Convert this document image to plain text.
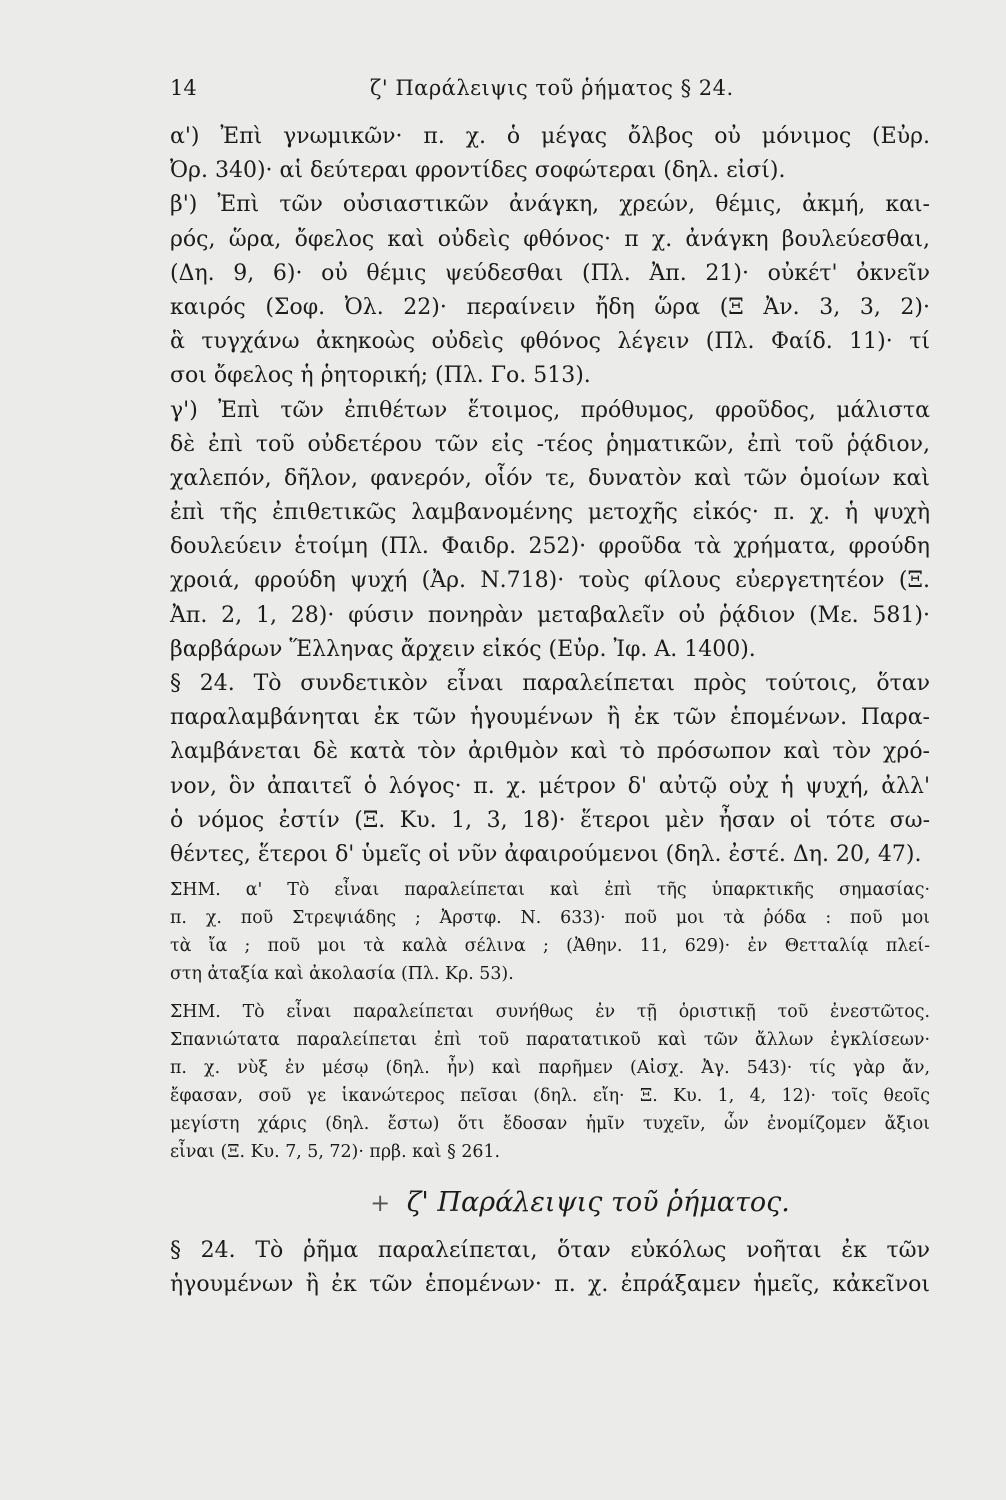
14	ζ' Παράλειψις τοῦ ῥήματος § 24.
α') Ἐπὶ γνωμικῶν· π. χ. ὁ μέγας ὄλβος οὐ μόνιμος (Εὐρ.
Ὀρ. 340)· αἱ δεύτεραι φροντίδες σοφώτεραι (δηλ. εἰσί).
β') Ἐπὶ τῶν οὐσιαστικῶν ἀνάγκη, χρεών, θέμις, ἀκμή, και-
ρός, ὥρα, ὄφελος καὶ οὐδεὶς φθόνος· π χ. ἀνάγκη βουλεύεσθαι,
(Δη. 9, 6)· οὐ θέμις ψεύδεσθαι (Πλ. Ἀπ. 21)· οὐκέτ' ὀκνεῖν
καιρός (Σοφ. Ὀλ. 22)· περαίνειν ἤδη ὥρα (Ξ Ἀν. 3, 3, 2)·
ἃ τυγχάνω ἀκηκοὼς οὐδεὶς φθόνος λέγειν (Πλ. Φαίδ. 11)· τί
σοι ὄφελος ἡ ῥητορική; (Πλ. Γο. 513).
γ') Ἐπὶ τῶν ἐπιθέτων ἕτοιμος, πρόθυμος, φροῦδος, μάλιστα
δὲ ἐπὶ τοῦ οὐδετέρου τῶν εἰς -τέος ῥηματικῶν, ἐπὶ τοῦ ῥᾴδιον,
χαλεπόν, δῆλον, φανερόν, οἷόν τε, δυνατὸν καὶ τῶν ὁμοίων καὶ
ἐπὶ τῆς ἐπιθετικῶς λαμβανομένης μετοχῆς εἰκός· π. χ. ἡ ψυχὴ
δουλεύειν ἑτοίμη (Πλ. Φαιδρ. 252)· φροῦδα τὰ χρήματα, φρούδη
χροιά, φρούδη ψυχή (Ἀρ. Ν.718)· τοὺς φίλους εὐεργετητέον (Ξ.
Ἀπ. 2, 1, 28)· φύσιν πονηρὰν μεταβαλεῖν οὐ ῥᾴδιον (Με. 581)·
βαρβάρων Ἕλληνας ἄρχειν εἰκός (Εὐρ. Ἰφ. Α. 1400).
§ 24. Τὸ συνδετικὸν εἶναι παραλείπεται πρὸς τούτοις, ὅταν
παραλαμβάνηται ἐκ τῶν ἡγουμένων ἢ ἐκ τῶν ἑπομένων. Παρα-
λαμβάνεται δὲ κατὰ τὸν ἀριθμὸν καὶ τὸ πρόσωπον καὶ τὸν χρό-
νον, ὃν ἀπαιτεῖ ὁ λόγος· π. χ. μέτρον δ' αὐτῷ οὐχ ἡ ψυχή, ἀλλ'
ὁ νόμος ἐστίν (Ξ. Κυ. 1, 3, 18)· ἕτεροι μὲν ἦσαν οἱ τότε σω-
θέντες, ἕτεροι δ' ὑμεῖς οἱ νῦν ἀφαιρούμενοι (δηλ. ἐστέ. Δη. 20, 47).
ΣΗΜ. α' Τὸ εἶναι παραλείπεται καὶ ἐπὶ τῆς ὑπαρκτικῆς σημασίας·
π. χ. ποῦ Στρεψιάδης ; Ἀρστφ. Ν. 633)· ποῦ μοι τὰ ῥόδα : ποῦ μοι
τὰ ἴα ; ποῦ μοι τὰ καλὰ σέλινα ; (Ἀθην. 11, 629)· ἐν Θετταλίᾳ πλεί-
στη ἀταξία καὶ ἀκολασία (Πλ. Κρ. 53).
ΣΗΜ. Τὸ εἶναι παραλείπεται συνήθως ἐν τῇ ὁριστικῇ τοῦ ἐνεστῶτος.
Σπανιώτατα παραλείπεται ἐπὶ τοῦ παρατατικοῦ καὶ τῶν ἄλλων ἐγκλίσεων·
π. χ. νὺξ ἐν μέσῳ (δηλ. ἦν) καὶ παρῆμεν (Αἰσχ. Ἀγ. 543)· τίς γὰρ ἄν,
ἔφασαν, σοῦ γε ἱκανώτερος πεῖσαι (δηλ. εἴη· Ξ. Κυ. 1, 4, 12)· τοῖς θεοῖς
μεγίστη χάρις (δηλ. ἔστω) ὅτι ἔδοσαν ἡμῖν τυχεῖν, ὧν ἐνομίζομεν ἄξιοι
εἶναι (Ξ. Κυ. 7, 5, 72)· πρβ. καὶ § 261.
+ ζ' Παράλειψις τοῦ ῥήματος.
§ 24. Τὸ ῥῆμα παραλείπεται, ὅταν εὐκόλως νοῆται ἐκ τῶν
ἡγουμένων ἢ ἐκ τῶν ἑπομένων· π. χ. ἐπράξαμεν ἡμεῖς, κἀκεῖνοι
